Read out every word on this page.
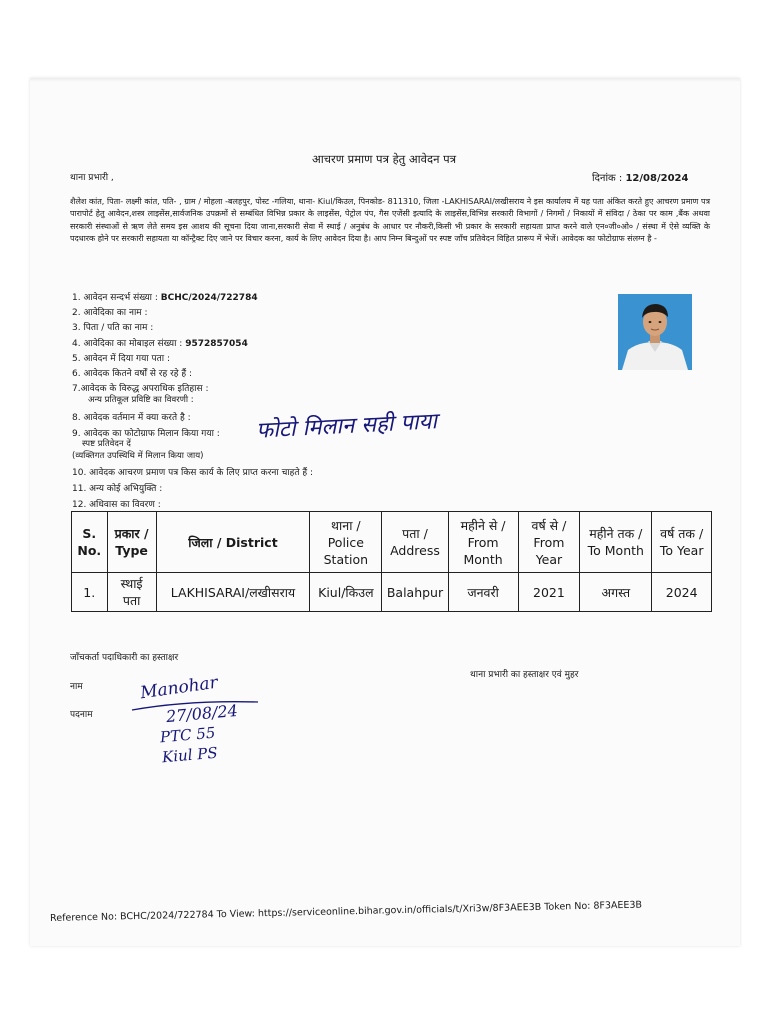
आचरण प्रमाण पत्र हेतु आवेदन पत्र
थाना प्रभारी ,	दिनांक : 12/08/2024
शैलेश कांत, पिता- लक्ष्मी कांत, पति- , ग्राम / मोहला -बलहपुर, पोस्ट -गलिया, थाना- Kiul/किउल, पिनकोड- 811310, जिला -LAKHISARAI/लखीसराय ने इस कार्यालय में यह पता अंकित करते हुए आचरण प्रमाण पत्र पारापोर्ट हेतु आवेदन,शस्त्र लाइसेंस,सार्वजनिक उपक्रमों से सम्बंधित विभिन्न प्रकार के लाइसेंस, पेट्रोल पंप, गैस एजेंसी इत्यादि के लाइसेंस,विभिन्न सरकारी विभागों / निगमों / निकायों में संविदा / ठेका पर काम ,बैंक अथवा सरकारी संस्थाओं से ऋण लेते समय इस आशय की सूचना दिया जाना,सरकारी सेवा में स्थाई / अनुबंध के आधार पर नौकरी,किसी भी प्रकार के सरकारी सहायता प्राप्त करने वाले एन०जी०ओ० / संस्था में ऐसे व्यक्ति के पदधारक होने पर सरकारी सहायता या कॉन्ट्रैक्ट दिए जाने पर विचार करना, कार्य के लिए आवेदन दिया है। आप निम्न बिन्दुओं पर स्पष्ट जाँच प्रतिवेदन विहित प्रारूप में भेजें। आवेदक का फोटोग्राफ संलग्न है -
1. आवेदन सन्दर्भ संख्या : BCHC/2024/722784
2. आवेदिका का नाम :
3. पिता / पति का नाम :
4. आवेदिका का मोबाइल संख्या : 9572857054
5. आवेदन में दिया गया पता :
6. आवेदक कितने वर्षों से रह रहे हैं :
7.आवेदक के विरुद्ध अपराधिक इतिहास :
अन्य प्रतिकूल प्रविष्टि का विवरणी :
8. आवेदक वर्तमान में क्या करते है :
9. आवेदक का फोटोग्राफ मिलान किया गया :
स्पष्ट प्रतिवेदन दें
(व्यक्तिगत उपस्थिथि में मिलान किया जाय)
10. आवेदक आचरण प्रमाण पत्र किस कार्य के लिए प्राप्त करना चाहते हैं :
11. अन्य कोई अभियुक्ति :
12. अधिवास का विवरण :
फोटो मिलान सही पाया
S. No.	प्रकार / Type	जिला / District	थाना / Police Station	पता / Address	महीने से / From Month	वर्ष से / From Year	महीने तक / To Month	वर्ष तक / To Year
1.	स्थाई पता	LAKHISARAI/लखीसराय	Kiul/किउल	Balahpur	जनवरी	2021	अगस्त	2024
जाँचकर्ता पदाधिकारी का हस्ताक्षर
थाना प्रभारी का हस्ताक्षर एवं मुहर
नाम
पदनाम
Manohar
27/08/24
PTC 55
Kiul PS
Reference No: BCHC/2024/722784 To View: https://serviceonline.bihar.gov.in/officials/t/Xri3w/8F3AEE3B Token No: 8F3AEE3B
